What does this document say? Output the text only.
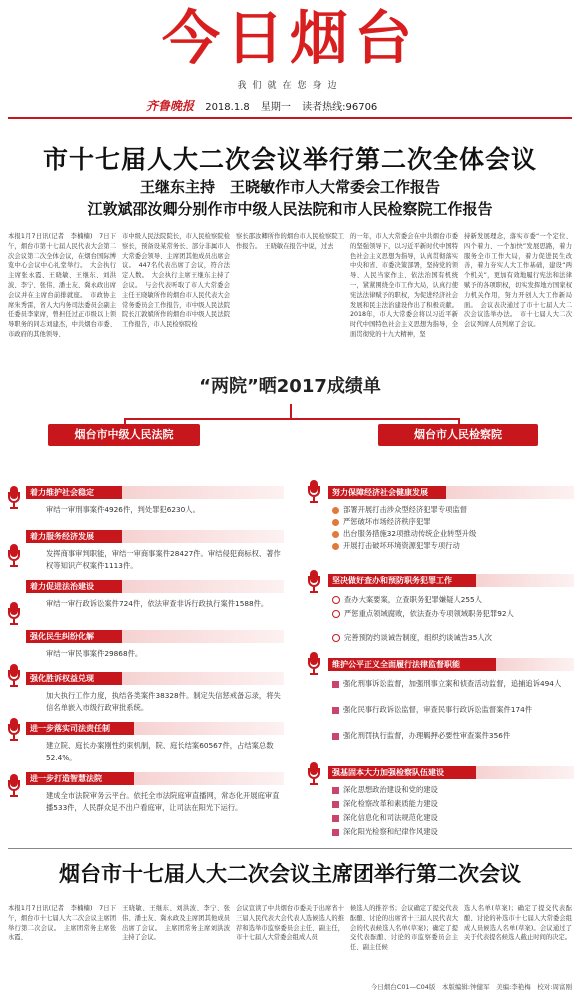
今日烟台
我们就在您身边
齐鲁晚报 2018.1.8 星期一 读者热线:96706
市十七届人大二次会议举行第二次全体会议
王继东主持　王晓敏作市人大常委会工作报告
江敦斌邵汝卿分别作市中级人民法院和市人民检察院工作报告
本报1月7日讯(记者　李楠楠)　7日下午，烟台市第十七届人民代表大会第二次会议第二次全体会议，在烟台国际博览中心会议中心礼堂举行。　大会执行主席张永霞、王晓敏、王继东、刘洪波、李宁、张伟、潘士友、冀永政出席会议并在主席台前排就座。　市政协主席朱秀雷，省人大内务司法委员会副主任委员李家席，曾担任过正市级以上领导职务的同志刘建杰，中共烟台市委、市政府的其他领导、
市中级人民法院院长，市人民检察院检察长，预备设某常务长、部分非属市人大常委会领导、主席团其他成员出席会议。　447名代表出席了会议，符合法定人数。　大会执行主席王继东主持了会议。　与会代表听取了市人大常委会主任王晓敏所作的烟台市人民代表大会常务委员会工作报告，市中级人民法院院长江敦斌所作的烟台市中级人民法院工作报告，市人民检察院检
察长邵汝卿所作的烟台市人民检察院工作报告。　王晓敏在报告中说，过去
的一年，市人大常委会在中共烟台市委的坚强领导下，以习近平新时代中国特色社会主义思想为指导，认真贯彻落实中央和省、市委决策部署，坚持党的领导、人民当家作主、依法治国有机统一，紧紧围绕全市工作大局，认真行使宪法法律赋予的职权，为促进经济社会发展和民主法治建设作出了积极贡献。2018年，市人大常委会将以习近平新时代中国特色社会主义思想为指导，全面贯彻党的十九大精神，坚
持新发展理念，落实市委“一个定位、四个着力、一个加快”发展思路，着力服务全市工作大局，着力促进民生改善，着力夯实人大工作基础，建设“两个机关”，更加有效地履行宪法和法律赋予的各项职权，切实发挥地方国家权力机关作用，努力开创人大工作新局面。　会议表决通过了市十七届人大二次会议选举办法。　市十七届人大二次会议列席人员列席了会议。
“两院”晒2017成绩单
烟台市中级人民法院	烟台市人民检察院
着力维护社会稳定
审结一审刑事案件4926件，判处罪犯6230人。
着力服务经济发展
发挥商事审判职能，审结一审商事案件28427件。审结侵犯商标权、著作权等知识产权案件1113件。
着力促进法治建设
审结一审行政诉讼案件724件，依法审查非诉行政执行案件1588件。
强化民生纠纷化解
审结一审民事案件29868件。
强化胜诉权益兑现
加大执行工作力度，执结各类案件38328件。制定失信惩戒备忘录，将失信名单嵌入市级行政审批系统。
进一步落实司法责任制
建立院、庭长办案刚性约束机制，院、庭长结案60567件，占结案总数52.4%。
进一步打造智慧法院
建成全市法院审务云平台。依托全市法院庭审直播网，常态化开展庭审直播533件，人民群众足不出户看庭审，让司法在阳光下运行。
努力保障经济社会健康发展
部署开展打击涉众型经济犯罪专项监督
严惩破坏市场经济秩序犯罪
出台服务措施32项推动传统企业转型升级
开展打击破坏环境资源犯罪专项行动
坚决做好查办和预防职务犯罪工作
查办大案要案，立查职务犯罪嫌疑人255人
严惩重点领域腐败，依法查办专项领域职务犯罪92人
完善预防约谈诫告制度，组织约谈诫告35人次
维护公平正义全面履行法律监督职能
强化刑事诉讼监督，加强刑事立案和侦查活动监督，追捕追诉494人
强化民事行政诉讼监督，审查民事行政诉讼监督案件174件
强化刑罚执行监督，办理羁押必要性审查案件356件
强基固本大力加强检察队伍建设
深化思想政治建设和党的建设
深化检察改革和素质能力建设
深化信息化和司法规范化建设
深化阳光检察和纪律作风建设
烟台市十七届人大二次会议主席团举行第二次会议
本报1月7日讯(记者　李楠楠)　7日下午，烟台市十七届人大二次会议主席团举行第二次会议。　主席团常务主席张永霞、
王晓敏、王继东、刘洪波、李宁、张伟、潘士友、冀永政及主席团其他成员出席了会议。　主席团常务主席刘洪波主持了会议。
会议宣读了中共烟台市委关于出席省十三届人民代表大会代表人选候选人的推荐和选举市监察委员会主任、副主任，市十七届人大常委会组成人员
候选人的推荐书；会议确定了提交代表酝酿、讨论的出席省十三届人民代表大会的代表候选人名单(草案)；确定了提交代表酝酿、讨论的市监察委员会主任、副主任候
选人名单(草案)；确定了提交代表酝酿、讨论的补选市十七届人大常委会组成人员候选人名单(草案)。会议通过了关于代表提名候选人截止时间的决定。
今日烟台C01—C04版　本版编辑:钟健军　美编:李艳梅　校对:周富刚
